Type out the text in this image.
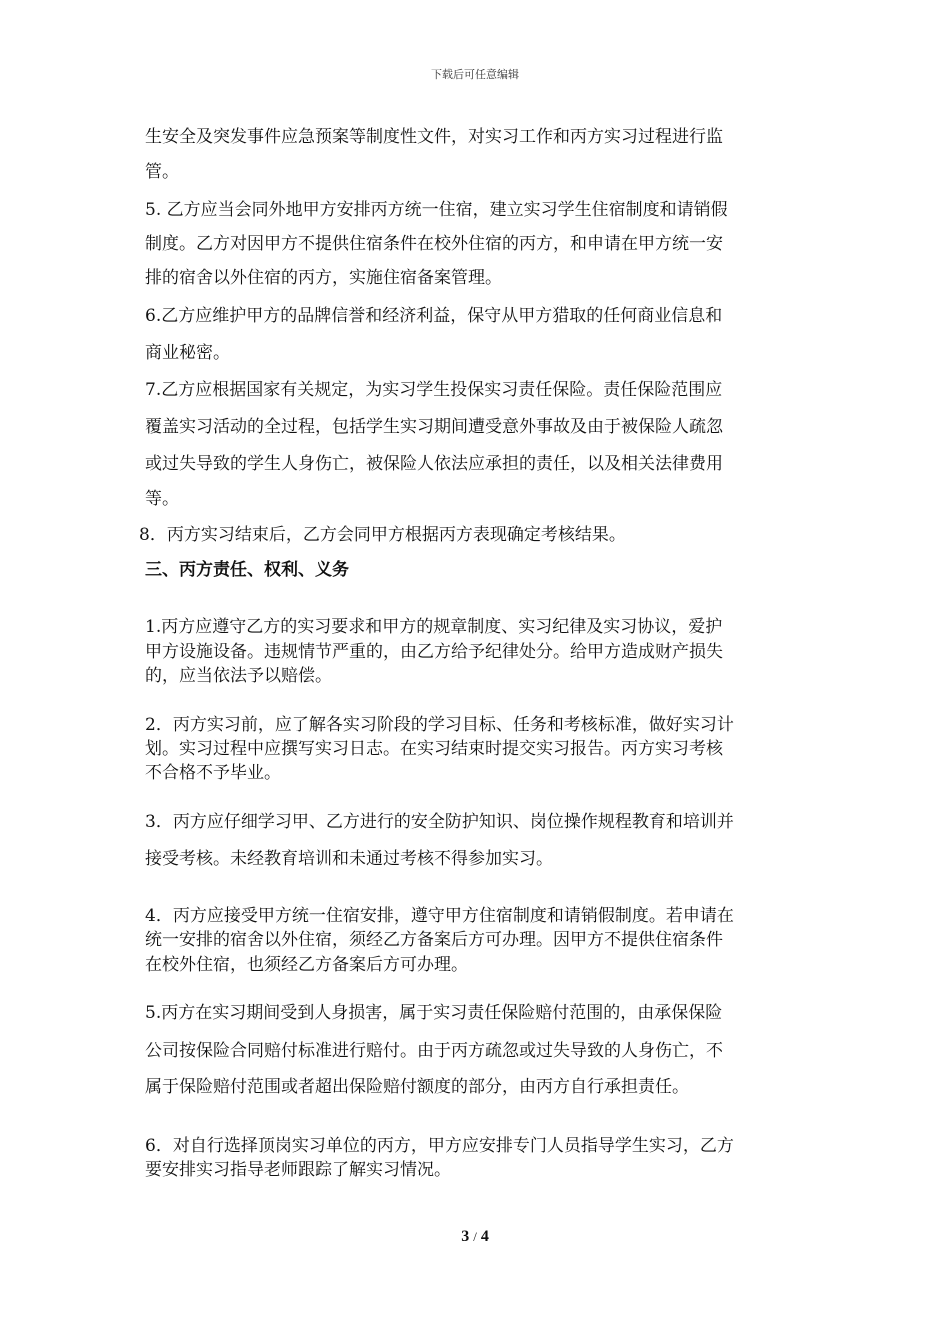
下载后可任意编辑
生安全及突发事件应急预案等制度性文件，对实习工作和丙方实习过程进行监
管。
5. 乙方应当会同外地甲方安排丙方统一住宿，建立实习学生住宿制度和请销假
制度。乙方对因甲方不提供住宿条件在校外住宿的丙方，和申请在甲方统一安
排的宿舍以外住宿的丙方，实施住宿备案管理。
6.乙方应维护甲方的品牌信誉和经济利益，保守从甲方猎取的任何商业信息和
商业秘密。
7.乙方应根据国家有关规定，为实习学生投保实习责任保险。责任保险范围应
覆盖实习活动的全过程，包括学生实习期间遭受意外事故及由于被保险人疏忽
或过失导致的学生人身伤亡，被保险人依法应承担的责任，以及相关法律费用
等。
8．丙方实习结束后，乙方会同甲方根据丙方表现确定考核结果。
三、丙方责任、权利、义务
1.丙方应遵守乙方的实习要求和甲方的规章制度、实习纪律及实习协议，爱护
甲方设施设备。违规情节严重的，由乙方给予纪律处分。给甲方造成财产损失
的，应当依法予以赔偿。
2．丙方实习前，应了解各实习阶段的学习目标、任务和考核标准，做好实习计
划。实习过程中应撰写实习日志。在实习结束时提交实习报告。丙方实习考核
不合格不予毕业。
3．丙方应仔细学习甲、乙方进行的安全防护知识、岗位操作规程教育和培训并
接受考核。未经教育培训和未通过考核不得参加实习。
4．丙方应接受甲方统一住宿安排，遵守甲方住宿制度和请销假制度。若申请在
统一安排的宿舍以外住宿，须经乙方备案后方可办理。因甲方不提供住宿条件
在校外住宿，也须经乙方备案后方可办理。
5.丙方在实习期间受到人身损害，属于实习责任保险赔付范围的，由承保保险
公司按保险合同赔付标准进行赔付。由于丙方疏忽或过失导致的人身伤亡，不
属于保险赔付范围或者超出保险赔付额度的部分，由丙方自行承担责任。
6．对自行选择顶岗实习单位的丙方，甲方应安排专门人员指导学生实习，乙方
要安排实习指导老师跟踪了解实习情况。
3 / 4
